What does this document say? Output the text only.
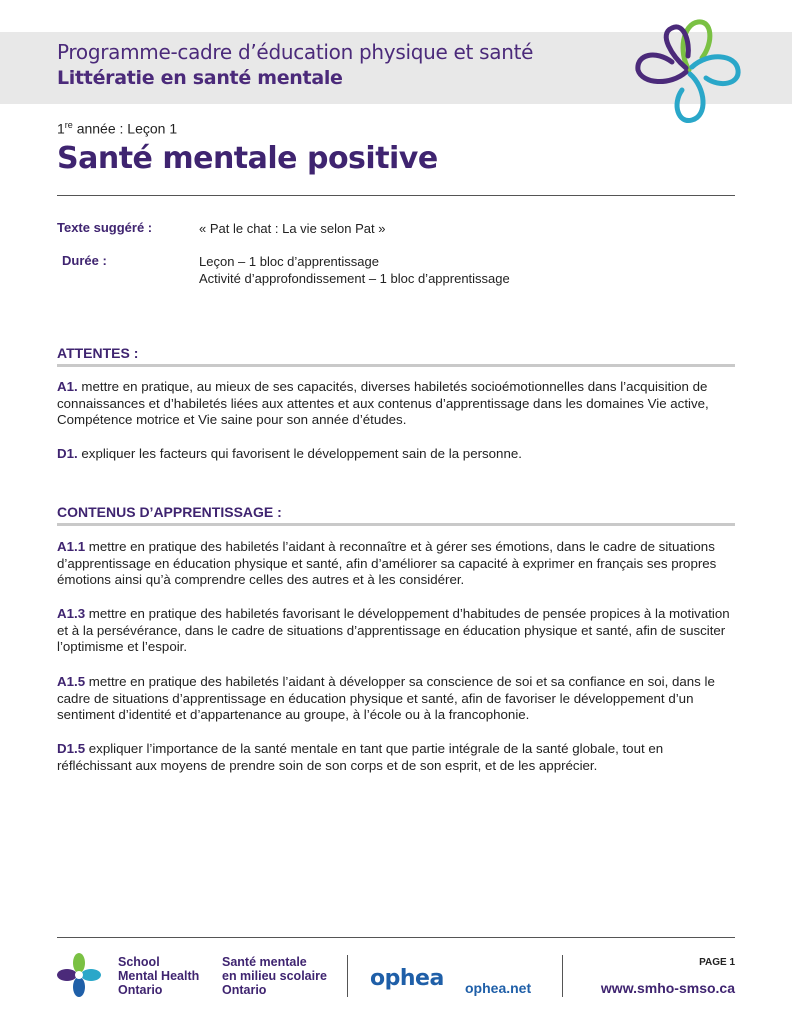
Programme-cadre d’éducation physique et santé
Littératie en santé mentale
1re année : Leçon 1
Santé mentale positive
Texte suggéré :	« Pat le chat : La vie selon Pat »
Durée :	Leçon – 1 bloc d’apprentissage
Activité d’approfondissement – 1 bloc d’apprentissage
ATTENTES :
A1. mettre en pratique, au mieux de ses capacités, diverses habiletés socioémotionnelles dans l’acquisition de connaissances et d’habiletés liées aux attentes et aux contenus d’apprentissage dans les domaines Vie active, Compétence motrice et Vie saine pour son année d’études.
D1. expliquer les facteurs qui favorisent le développement sain de la personne.
CONTENUS D’APPRENTISSAGE :
A1.1 mettre en pratique des habiletés l’aidant à reconnaître et à gérer ses émotions, dans le cadre de situations d’apprentissage en éducation physique et santé, afin d’améliorer sa capacité à exprimer en français ses propres émotions ainsi qu’à comprendre celles des autres et à les considérer.
A1.3 mettre en pratique des habiletés favorisant le développement d’habitudes de pensée propices à la motivation et à la persévérance, dans le cadre de situations d’apprentissage en éducation physique et santé, afin de susciter l’optimisme et l’espoir.
A1.5 mettre en pratique des habiletés l’aidant à développer sa conscience de soi et sa confiance en soi, dans le cadre de situations d’apprentissage en éducation physique et santé, afin de favoriser le développement d’un sentiment d’identité et d’appartenance au groupe, à l’école ou à la francophonie.
D1.5 expliquer l’importance de la santé mentale en tant que partie intégrale de la santé globale, tout en réfléchissant aux moyens de prendre soin de son corps et de son esprit, et de les apprécier.
School
Mental Health
Ontario
Santé mentale
en milieu scolaire
Ontario	ophea ophea.net
PAGE 1
www.smho-smso.ca
